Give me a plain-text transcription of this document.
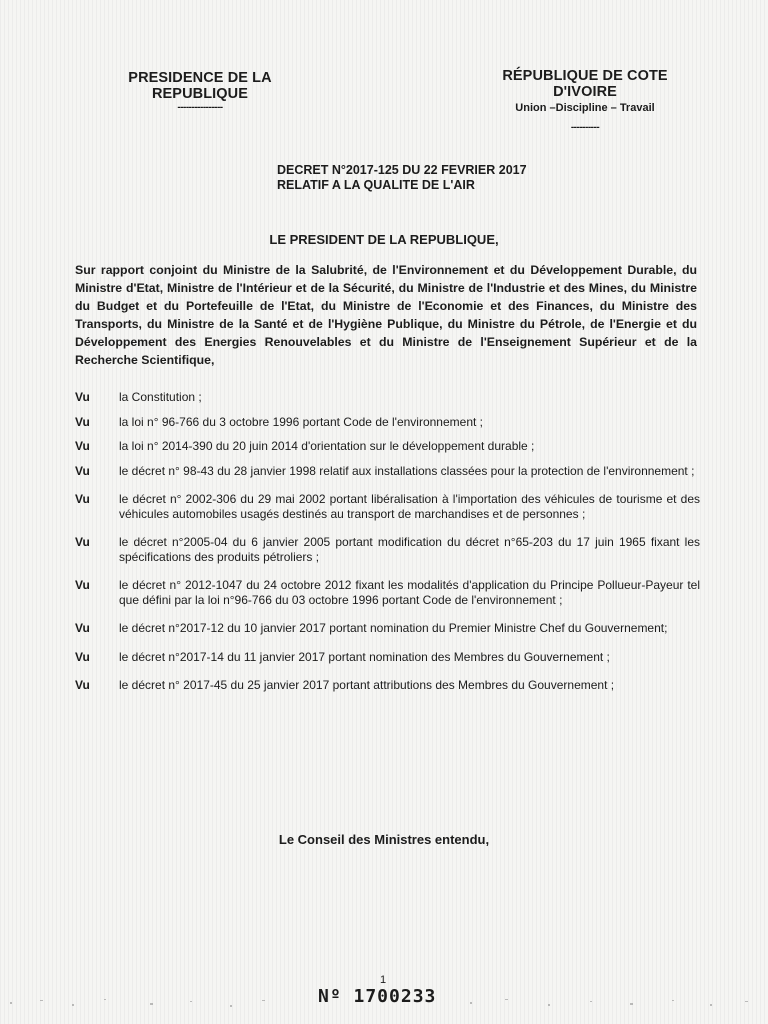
PRESIDENCE DE LA REPUBLIQUE
----------------
RÉPUBLIQUE DE COTE D'IVOIRE
Union –Discipline – Travail
----------
DECRET N°2017-125 DU 22 FEVRIER 2017
RELATIF A LA QUALITE DE L'AIR
LE PRESIDENT DE LA REPUBLIQUE,
Sur rapport conjoint du Ministre de la Salubrité, de l'Environnement et du Développement Durable, du Ministre d'Etat, Ministre de l'Intérieur et de la Sécurité, du Ministre de l'Industrie et des Mines, du Ministre du Budget et du Portefeuille de l'Etat, du Ministre de l'Economie et des Finances, du Ministre des Transports, du Ministre de la Santé et de l'Hygiène Publique, du Ministre du Pétrole, de l'Energie et du Développement des Energies Renouvelables et du Ministre de l'Enseignement Supérieur et de la Recherche Scientifique,
Vu la Constitution ;
Vu la loi n° 96-766 du 3 octobre 1996 portant Code de l'environnement ;
Vu la loi n° 2014-390 du 20 juin 2014 d'orientation sur le développement durable ;
Vu le décret n° 98-43 du 28 janvier 1998 relatif aux installations classées pour la protection de l'environnement ;
Vu le décret n° 2002-306 du 29 mai 2002 portant libéralisation à l'importation des véhicules de tourisme et des véhicules automobiles usagés destinés au transport de marchandises et de personnes ;
Vu le décret n°2005-04 du 6 janvier 2005 portant modification du décret n°65-203 du 17 juin 1965 fixant les spécifications des produits pétroliers ;
Vu le décret n° 2012-1047 du 24 octobre 2012 fixant les modalités d'application du Principe Pollueur-Payeur tel que défini par la loi n°96-766 du 03 octobre 1996 portant Code de l'environnement ;
Vu le décret n°2017-12 du 10 janvier 2017 portant nomination du Premier Ministre Chef du Gouvernement;
Vu le décret n°2017-14 du 11 janvier 2017 portant nomination des Membres du Gouvernement ;
Vu le décret n° 2017-45 du 25 janvier 2017 portant attributions des Membres du Gouvernement ;
Le Conseil des Ministres entendu,
1
Nº 1700233
